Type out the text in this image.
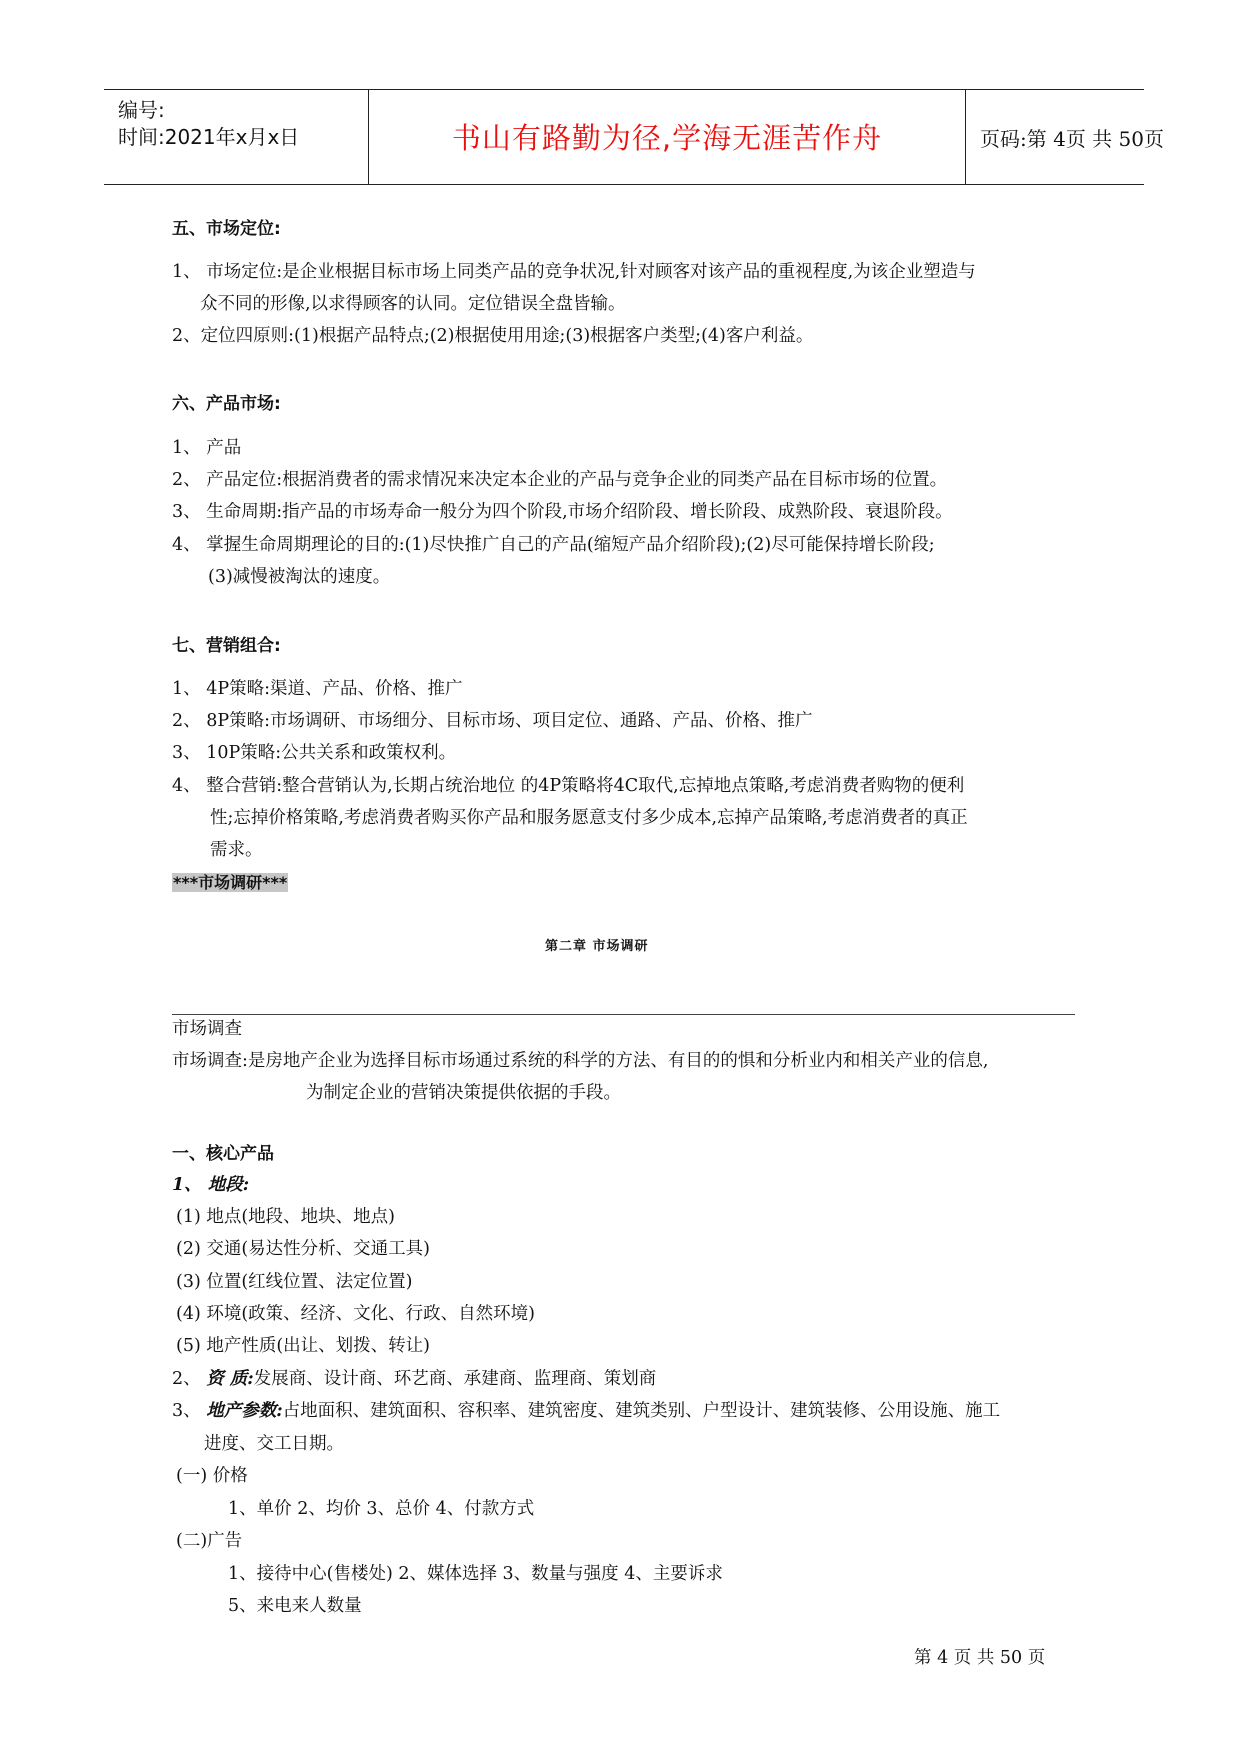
编号:
时间:2021年x月x日	书山有路勤为径,学海无涯苦作舟	页码:第 4页 共 50页
五、市场定位:
1、 市场定位:是企业根据目标市场上同类产品的竞争状况,针对顾客对该产品的重视程度,为该企业塑造与
众不同的形像,以求得顾客的认同。定位错误全盘皆输。
2、定位四原则:(1)根据产品特点;(2)根据使用用途;(3)根据客户类型;(4)客户利益。
六、产品市场:
1、 产品
2、 产品定位:根据消费者的需求情况来决定本企业的产品与竞争企业的同类产品在目标市场的位置。
3、 生命周期:指产品的市场寿命一般分为四个阶段,市场介绍阶段、增长阶段、成熟阶段、衰退阶段。
4、 掌握生命周期理论的目的:(1)尽快推广自己的产品(缩短产品介绍阶段);(2)尽可能保持增长阶段;
(3)减慢被淘汰的速度。
七、营销组合:
1、 4P策略:渠道、产品、价格、推广
2、 8P策略:市场调研、市场细分、目标市场、项目定位、通路、产品、价格、推广
3、 10P策略:公共关系和政策权利。
4、 整合营销:整合营销认为,长期占统治地位 的4P策略将4C取代,忘掉地点策略,考虑消费者购物的便利
性;忘掉价格策略,考虑消费者购买你产品和服务愿意支付多少成本,忘掉产品策略,考虑消费者的真正
需求。
***市场调研***
第二章 市场调研
市场调查
市场调查:是房地产企业为选择目标市场通过系统的科学的方法、有目的的惧和分析业内和相关产业的信息,
为制定企业的营销决策提供依据的手段。
一、核心产品
1、 地段:
(1) 地点(地段、地块、地点)
(2) 交通(易达性分析、交通工具)
(3) 位置(红线位置、法定位置)
(4) 环境(政策、经济、文化、行政、自然环境)
(5) 地产性质(出让、划拨、转让)
2、 资 质:发展商、设计商、环艺商、承建商、监理商、策划商
3、 地产参数:占地面积、建筑面积、容积率、建筑密度、建筑类别、户型设计、建筑装修、公用设施、施工
进度、交工日期。
(一) 价格
1、单价 2、均价 3、总价 4、付款方式
(二)广告
1、接待中心(售楼处) 2、媒体选择 3、数量与强度 4、主要诉求
5、来电来人数量
第 4 页 共 50 页
